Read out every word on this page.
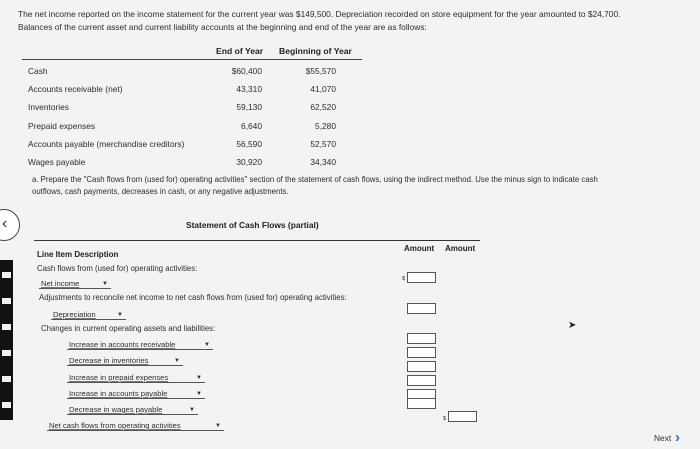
The net income reported on the income statement for the current year was $149,500. Depreciation recorded on store equipment for the year amounted to $24,700.
Balances of the current asset and current liability accounts at the beginning and end of the year are as follows:
End of Year Beginning of Year
Cash	$60,400	$55,570
Accounts receivable (net)	43,310	41,070
Inventories	59,130	62,520
Prepaid expenses	6,640	5,280
Accounts payable (merchandise creditors)	56,590	52,570
Wages payable	30,920	34,340
a. Prepare the "Cash flows from (used for) operating activities" section of the statement of cash flows, using the indirect method. Use the minus sign to indicate cash
outflows, cash payments, decreases in cash, or any negative adjustments.
‹	Statement of Cash Flows (partial)
Amount Amount
Line Item Description
Cash flows from (used for) operating activities:
Net income	▼
$
Adjustments to reconcile net income to net cash flows from (used for) operating activities:
Depreciation	▼
Changes in current operating assets and liabilities:
Increase in accounts receivable	▼
Decrease in inventories	▼
Increase in prepaid expenses	▼
Increase in accounts payable	▼
Decrease in wages payable	▼
Net cash flows from operating activities	▼
$
➤
Next ›
